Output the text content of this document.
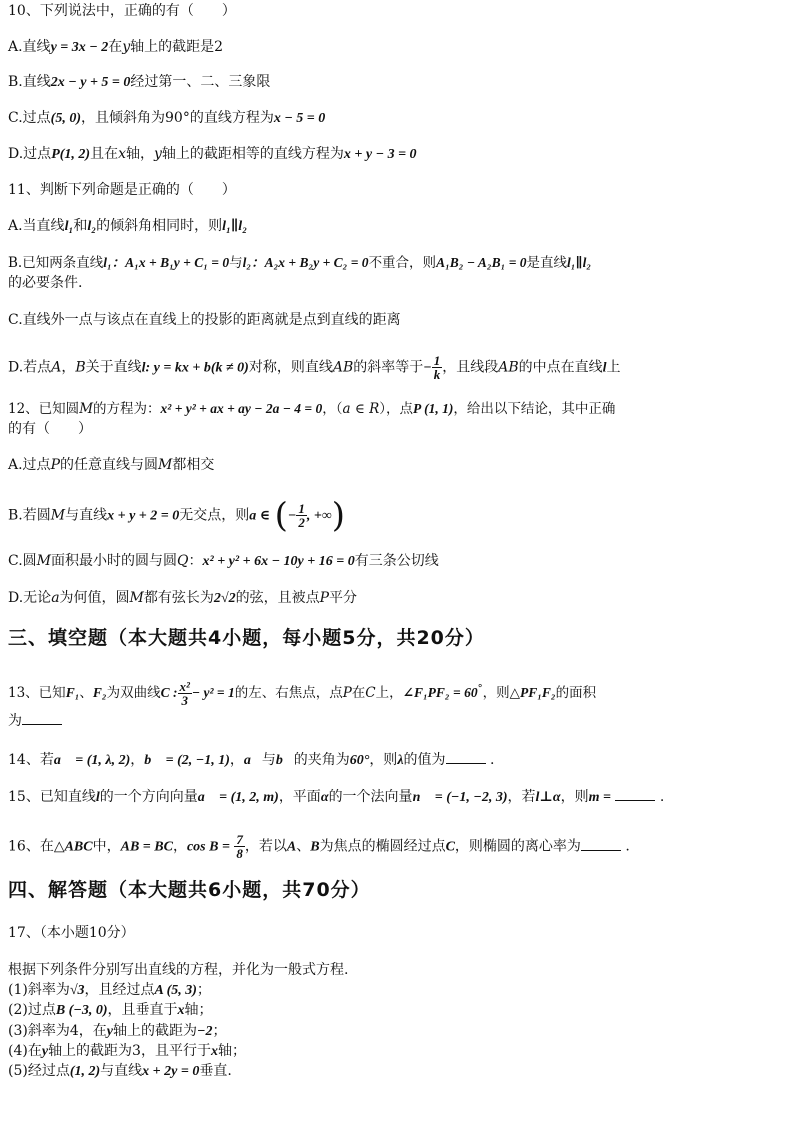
10、下列说法中，正确的有（　　）
A.直线y = 3x − 2在y轴上的截距是2
B.直线2x − y + 5 = 0经过第一、二、三象限
C.过点(5, 0)，且倾斜角为90°的直线方程为x − 5 = 0
D.过点P(1, 2)且在x轴，y轴上的截距相等的直线方程为x + y − 3 = 0
11、判断下列命题是正确的（　　）
A.当直线l₁和l₂的倾斜角相同时，则l₁∥l₂
B.已知两条直线l₁：A₁x + B₁y + C₁ = 0与l₂：A₂x + B₂y + C₂ = 0不重合，则A₁B₂ − A₂B₁ = 0是直线l₁∥l₂
的必要条件.
C.直线外一点与该点在直线上的投影的距离就是点到直线的距离
D.若点A，B关于直线l: y = kx + b(k ≠ 0)对称，则直线AB的斜率等于− $\frac{1}{k}$ ，且线段AB的中点在直线l上
12、已知圆M的方程为：x² + y² + ax + ay − 2a − 4 = 0，（a ∈ R），点P (1, 1)，给出以下结论，其中正确
的有（　　）
A.过点P的任意直线与圆M都相交
B.若圆M与直线x + y + 2 = 0无交点，则a ∈ (− $\frac{1}{2}$ , +∞)
C.圆M面积最小时的圆与圆Q：x² + y² + 6x − 10y + 16 = 0有三条公切线
D.无论a为何值，圆M都有弦长为2√2的弦，且被点P平分
三、填空题（本大题共4小题，每小题5分，共20分）
13、已知F₁、F₂为双曲线C : $\frac{\text{x²}}{3} - y^2 = 1$的左、右焦点，点P在C上，∠F₁PF₂ = 60°，则△PF₁F₂的面积
为
14、若a⃗ = (1, λ, 2)，b⃗ = (2, −1, 1)，a⃗与b⃗的夹角为60°，则λ的值为	.
15、已知直线l的一个方向向量a⃗ = (1, 2, m)，平面α的一个法向量n⃗ = (−1, −2, 3)，若l⊥α，则m =	.
16、在△ABC中，AB = BC，$\cos B = \frac{7}{8}$ ，若以A、B为焦点的椭圆经过点C，则椭圆的离心率为	.
四、解答题（本大题共6小题，共70分）
17、（本小题10分）
根据下列条件分别写出直线的方程，并化为一般式方程.
(1)斜率为√3，且经过点A (5, 3)；
(2)过点B (−3, 0)，且垂直于x轴；
(3)斜率为4，在y轴上的截距为−2；
(4)在y轴上的截距为3，且平行于x轴；
(5)经过点(1, 2)与直线x + 2y = 0垂直.
